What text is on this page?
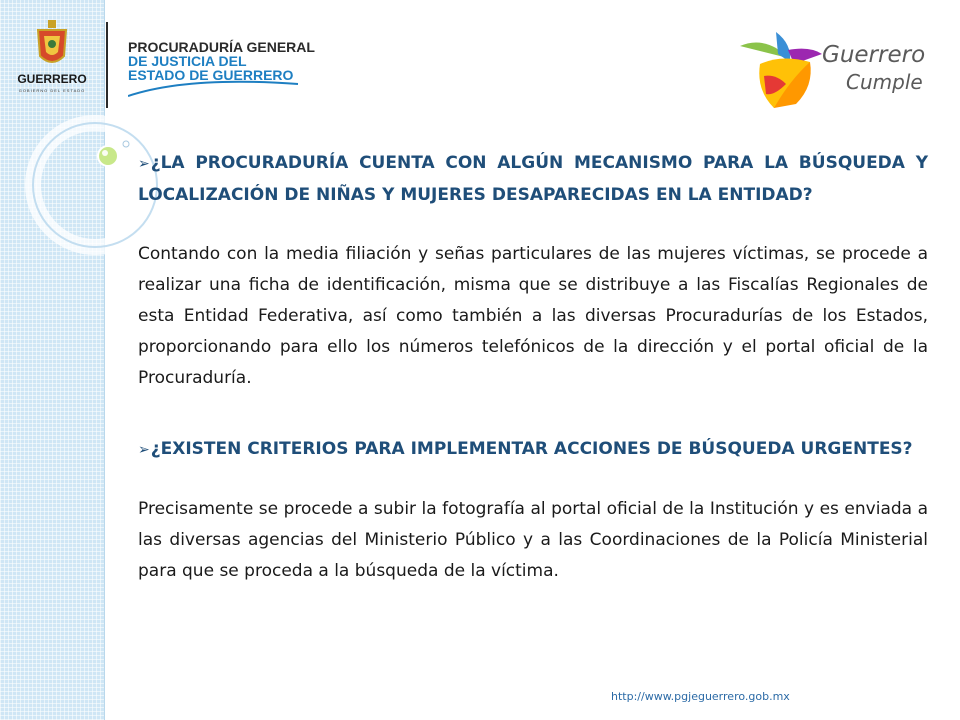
GUERRERO
GOBIERNO DEL ESTADO
PROCURADURÍA GENERAL
DE JUSTICIA DEL
ESTADO DE GUERRERO
Guerrero
Cumple

➢¿LA PROCURADURÍA CUENTA CON ALGÚN MECANISMO PARA LA BÚSQUEDA Y LOCALIZACIÓN DE NIÑAS Y MUJERES DESAPARECIDAS EN LA ENTIDAD?

Contando con la media filiación y señas particulares de las mujeres víctimas, se procede a realizar una ficha de identificación, misma que se distribuye a las Fiscalías Regionales de esta Entidad Federativa, así como también a las diversas Procuradurías de los Estados, proporcionando para ello los números telefónicos de la dirección y el portal oficial de la Procuraduría.

➢¿EXISTEN CRITERIOS PARA IMPLEMENTAR ACCIONES DE BÚSQUEDA URGENTES?

Precisamente se procede a subir la fotografía al portal oficial de la Institución y es enviada a las diversas agencias del Ministerio Público y a las Coordinaciones de la Policía Ministerial para que se proceda a la búsqueda de la víctima.

http://www.pgjeguerrero.gob.mx
